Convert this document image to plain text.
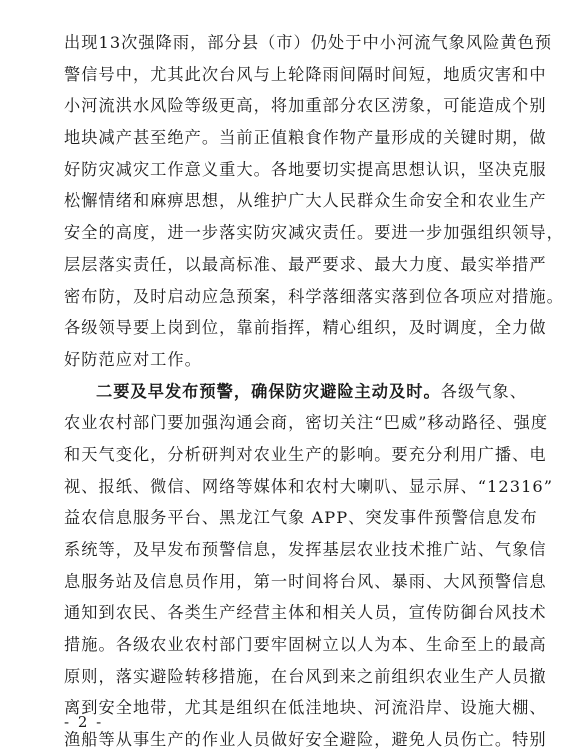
出现13次强降雨，部分县（市）仍处于中小河流气象风险黄色预
警信号中，尤其此次台风与上轮降雨间隔时间短，地质灾害和中
小河流洪水风险等级更高，将加重部分农区涝象，可能造成个别
地块减产甚至绝产。当前正值粮食作物产量形成的关键时期，做
好防灾减灾工作意义重大。各地要切实提高思想认识，坚决克服
松懈情绪和麻痹思想，从维护广大人民群众生命安全和农业生产
安全的高度，进一步落实防灾减灾责任。要进一步加强组织领导，
层层落实责任，以最高标准、最严要求、最大力度、最实举措严
密布防，及时启动应急预案，科学落细落实落到位各项应对措施。
各级领导要上岗到位，靠前指挥，精心组织，及时调度，全力做
好防范应对工作。
二要及早发布预警，确保防灾避险主动及时。各级气象、
农业农村部门要加强沟通会商，密切关注“巴威”移动路径、强度
和天气变化，分析研判对农业生产的影响。要充分利用广播、电
视、报纸、微信、网络等媒体和农村大喇叭、显示屏、“12316”
益农信息服务平台、黑龙江气象 APP、突发事件预警信息发布
系统等，及早发布预警信息，发挥基层农业技术推广站、气象信
息服务站及信息员作用，第一时间将台风、暴雨、大风预警信息
通知到农民、各类生产经营主体和相关人员，宣传防御台风技术
措施。各级农业农村部门要牢固树立以人为本、生命至上的最高
原则，落实避险转移措施，在台风到来之前组织农业生产人员撤
离到安全地带，尤其是组织在低洼地块、河流沿岸、设施大棚、
渔船等从事生产的作业人员做好安全避险，避免人员伤亡。特别
- 2 -
